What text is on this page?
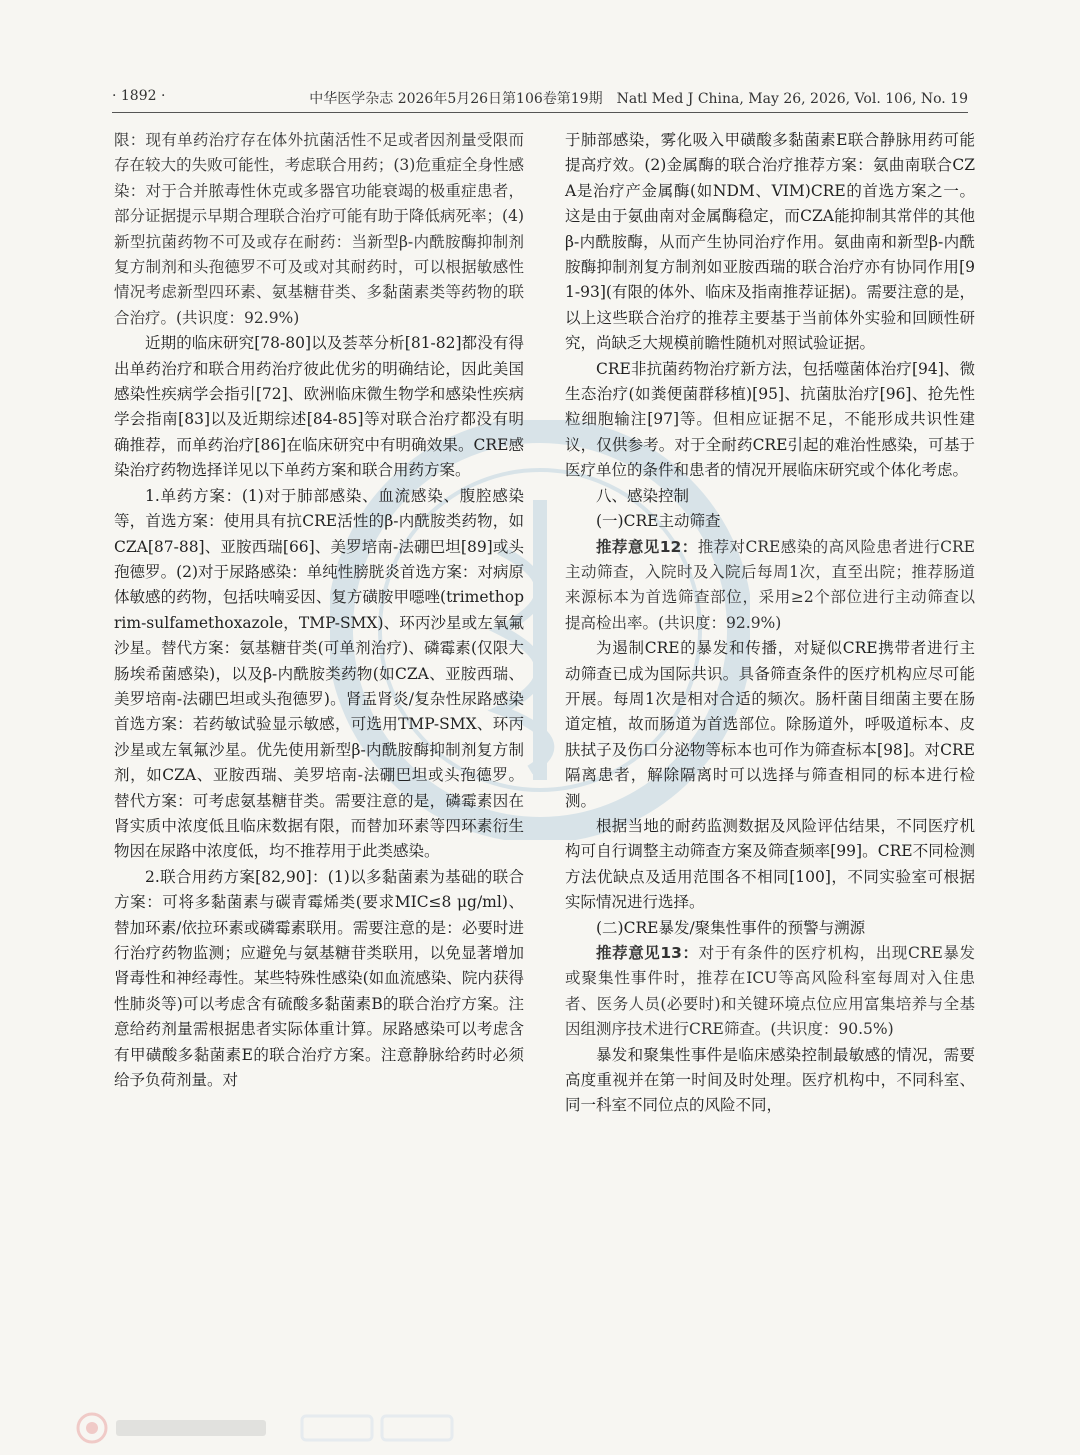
· 1892 ·	中华医学杂志 2026年5月26日第106卷第19期　Natl Med J China, May 26, 2026, Vol. 106, No. 19

限：现有单药治疗存在体外抗菌活性不足或者因剂量受限而存在较大的失败可能性，考虑联合用药；(3)危重症全身性感染：对于合并脓毒性休克或多器官功能衰竭的极重症患者，部分证据提示早期合理联合治疗可能有助于降低病死率；(4)新型抗菌药物不可及或存在耐药：当新型β-内酰胺酶抑制剂复方制剂和头孢德罗不可及或对其耐药时，可以根据敏感性情况考虑新型四环素、氨基糖苷类、多黏菌素类等药物的联合治疗。(共识度：92.9%)

近期的临床研究[78-80]以及荟萃分析[81-82]都没有得出单药治疗和联合用药治疗彼此优劣的明确结论，因此美国感染性疾病学会指引[72]、欧洲临床微生物学和感染性疾病学会指南[83]以及近期综述[84-85]等对联合治疗都没有明确推荐，而单药治疗[86]在临床研究中有明确效果。CRE感染治疗药物选择详见以下单药方案和联合用药方案。

1.单药方案：(1)对于肺部感染、血流感染、腹腔感染等，首选方案：使用具有抗CRE活性的β-内酰胺类药物，如CZA[87-88]、亚胺西瑞[66]、美罗培南-法硼巴坦[89]或头孢德罗。(2)对于尿路感染：单纯性膀胱炎首选方案：对病原体敏感的药物，包括呋喃妥因、复方磺胺甲噁唑(trimethoprim-sulfamethoxazole，TMP-SMX)、环丙沙星或左氧氟沙星。替代方案：氨基糖苷类(可单剂治疗)、磷霉素(仅限大肠埃希菌感染)，以及β-内酰胺类药物(如CZA、亚胺西瑞、美罗培南-法硼巴坦或头孢德罗)。肾盂肾炎/复杂性尿路感染首选方案：若药敏试验显示敏感，可选用TMP-SMX、环丙沙星或左氧氟沙星。优先使用新型β-内酰胺酶抑制剂复方制剂，如CZA、亚胺西瑞、美罗培南-法硼巴坦或头孢德罗。替代方案：可考虑氨基糖苷类。需要注意的是，磷霉素因在肾实质中浓度低且临床数据有限，而替加环素等四环素衍生物因在尿路中浓度低，均不推荐用于此类感染。

2.联合用药方案[82,90]：(1)以多黏菌素为基础的联合方案：可将多黏菌素与碳青霉烯类(要求MIC≤8 μg/ml)、替加环素/依拉环素或磷霉素联用。需要注意的是：必要时进行治疗药物监测；应避免与氨基糖苷类联用，以免显著增加肾毒性和神经毒性。某些特殊性感染(如血流感染、院内获得性肺炎等)可以考虑含有硫酸多黏菌素B的联合治疗方案。注意给药剂量需根据患者实际体重计算。尿路感染可以考虑含有甲磺酸多黏菌素E的联合治疗方案。注意静脉给药时必须给予负荷剂量。对

于肺部感染，雾化吸入甲磺酸多黏菌素E联合静脉用药可能提高疗效。(2)金属酶的联合治疗推荐方案：氨曲南联合CZA是治疗产金属酶(如NDM、VIM)CRE的首选方案之一。这是由于氨曲南对金属酶稳定，而CZA能抑制其常伴的其他β-内酰胺酶，从而产生协同治疗作用。氨曲南和新型β-内酰胺酶抑制剂复方制剂如亚胺西瑞的联合治疗亦有协同作用[91-93](有限的体外、临床及指南推荐证据)。需要注意的是，以上这些联合治疗的推荐主要基于当前体外实验和回顾性研究，尚缺乏大规模前瞻性随机对照试验证据。

CRE非抗菌药物治疗新方法，包括噬菌体治疗[94]、微生态治疗(如粪便菌群移植)[95]、抗菌肽治疗[96]、抢先性粒细胞输注[97]等。但相应证据不足，不能形成共识性建议，仅供参考。对于全耐药CRE引起的难治性感染，可基于医疗单位的条件和患者的情况开展临床研究或个体化考虑。

八、感染控制

(一)CRE主动筛查

推荐意见12：推荐对CRE感染的高风险患者进行CRE主动筛查，入院时及入院后每周1次，直至出院；推荐肠道来源标本为首选筛查部位，采用≥2个部位进行主动筛查以提高检出率。(共识度：92.9%)

为遏制CRE的暴发和传播，对疑似CRE携带者进行主动筛查已成为国际共识。具备筛查条件的医疗机构应尽可能开展。每周1次是相对合适的频次。肠杆菌目细菌主要在肠道定植，故而肠道为首选部位。除肠道外，呼吸道标本、皮肤拭子及伤口分泌物等标本也可作为筛查标本[98]。对CRE隔离患者，解除隔离时可以选择与筛查相同的标本进行检测。

根据当地的耐药监测数据及风险评估结果，不同医疗机构可自行调整主动筛查方案及筛查频率[99]。CRE不同检测方法优缺点及适用范围各不相同[100]，不同实验室可根据实际情况进行选择。

(二)CRE暴发/聚集性事件的预警与溯源

推荐意见13：对于有条件的医疗机构，出现CRE暴发或聚集性事件时，推荐在ICU等高风险科室每周对入住患者、医务人员(必要时)和关键环境点位应用富集培养与全基因组测序技术进行CRE筛查。(共识度：90.5%)

暴发和聚集性事件是临床感染控制最敏感的情况，需要高度重视并在第一时间及时处理。医疗机构中，不同科室、同一科室不同位点的风险不同，
